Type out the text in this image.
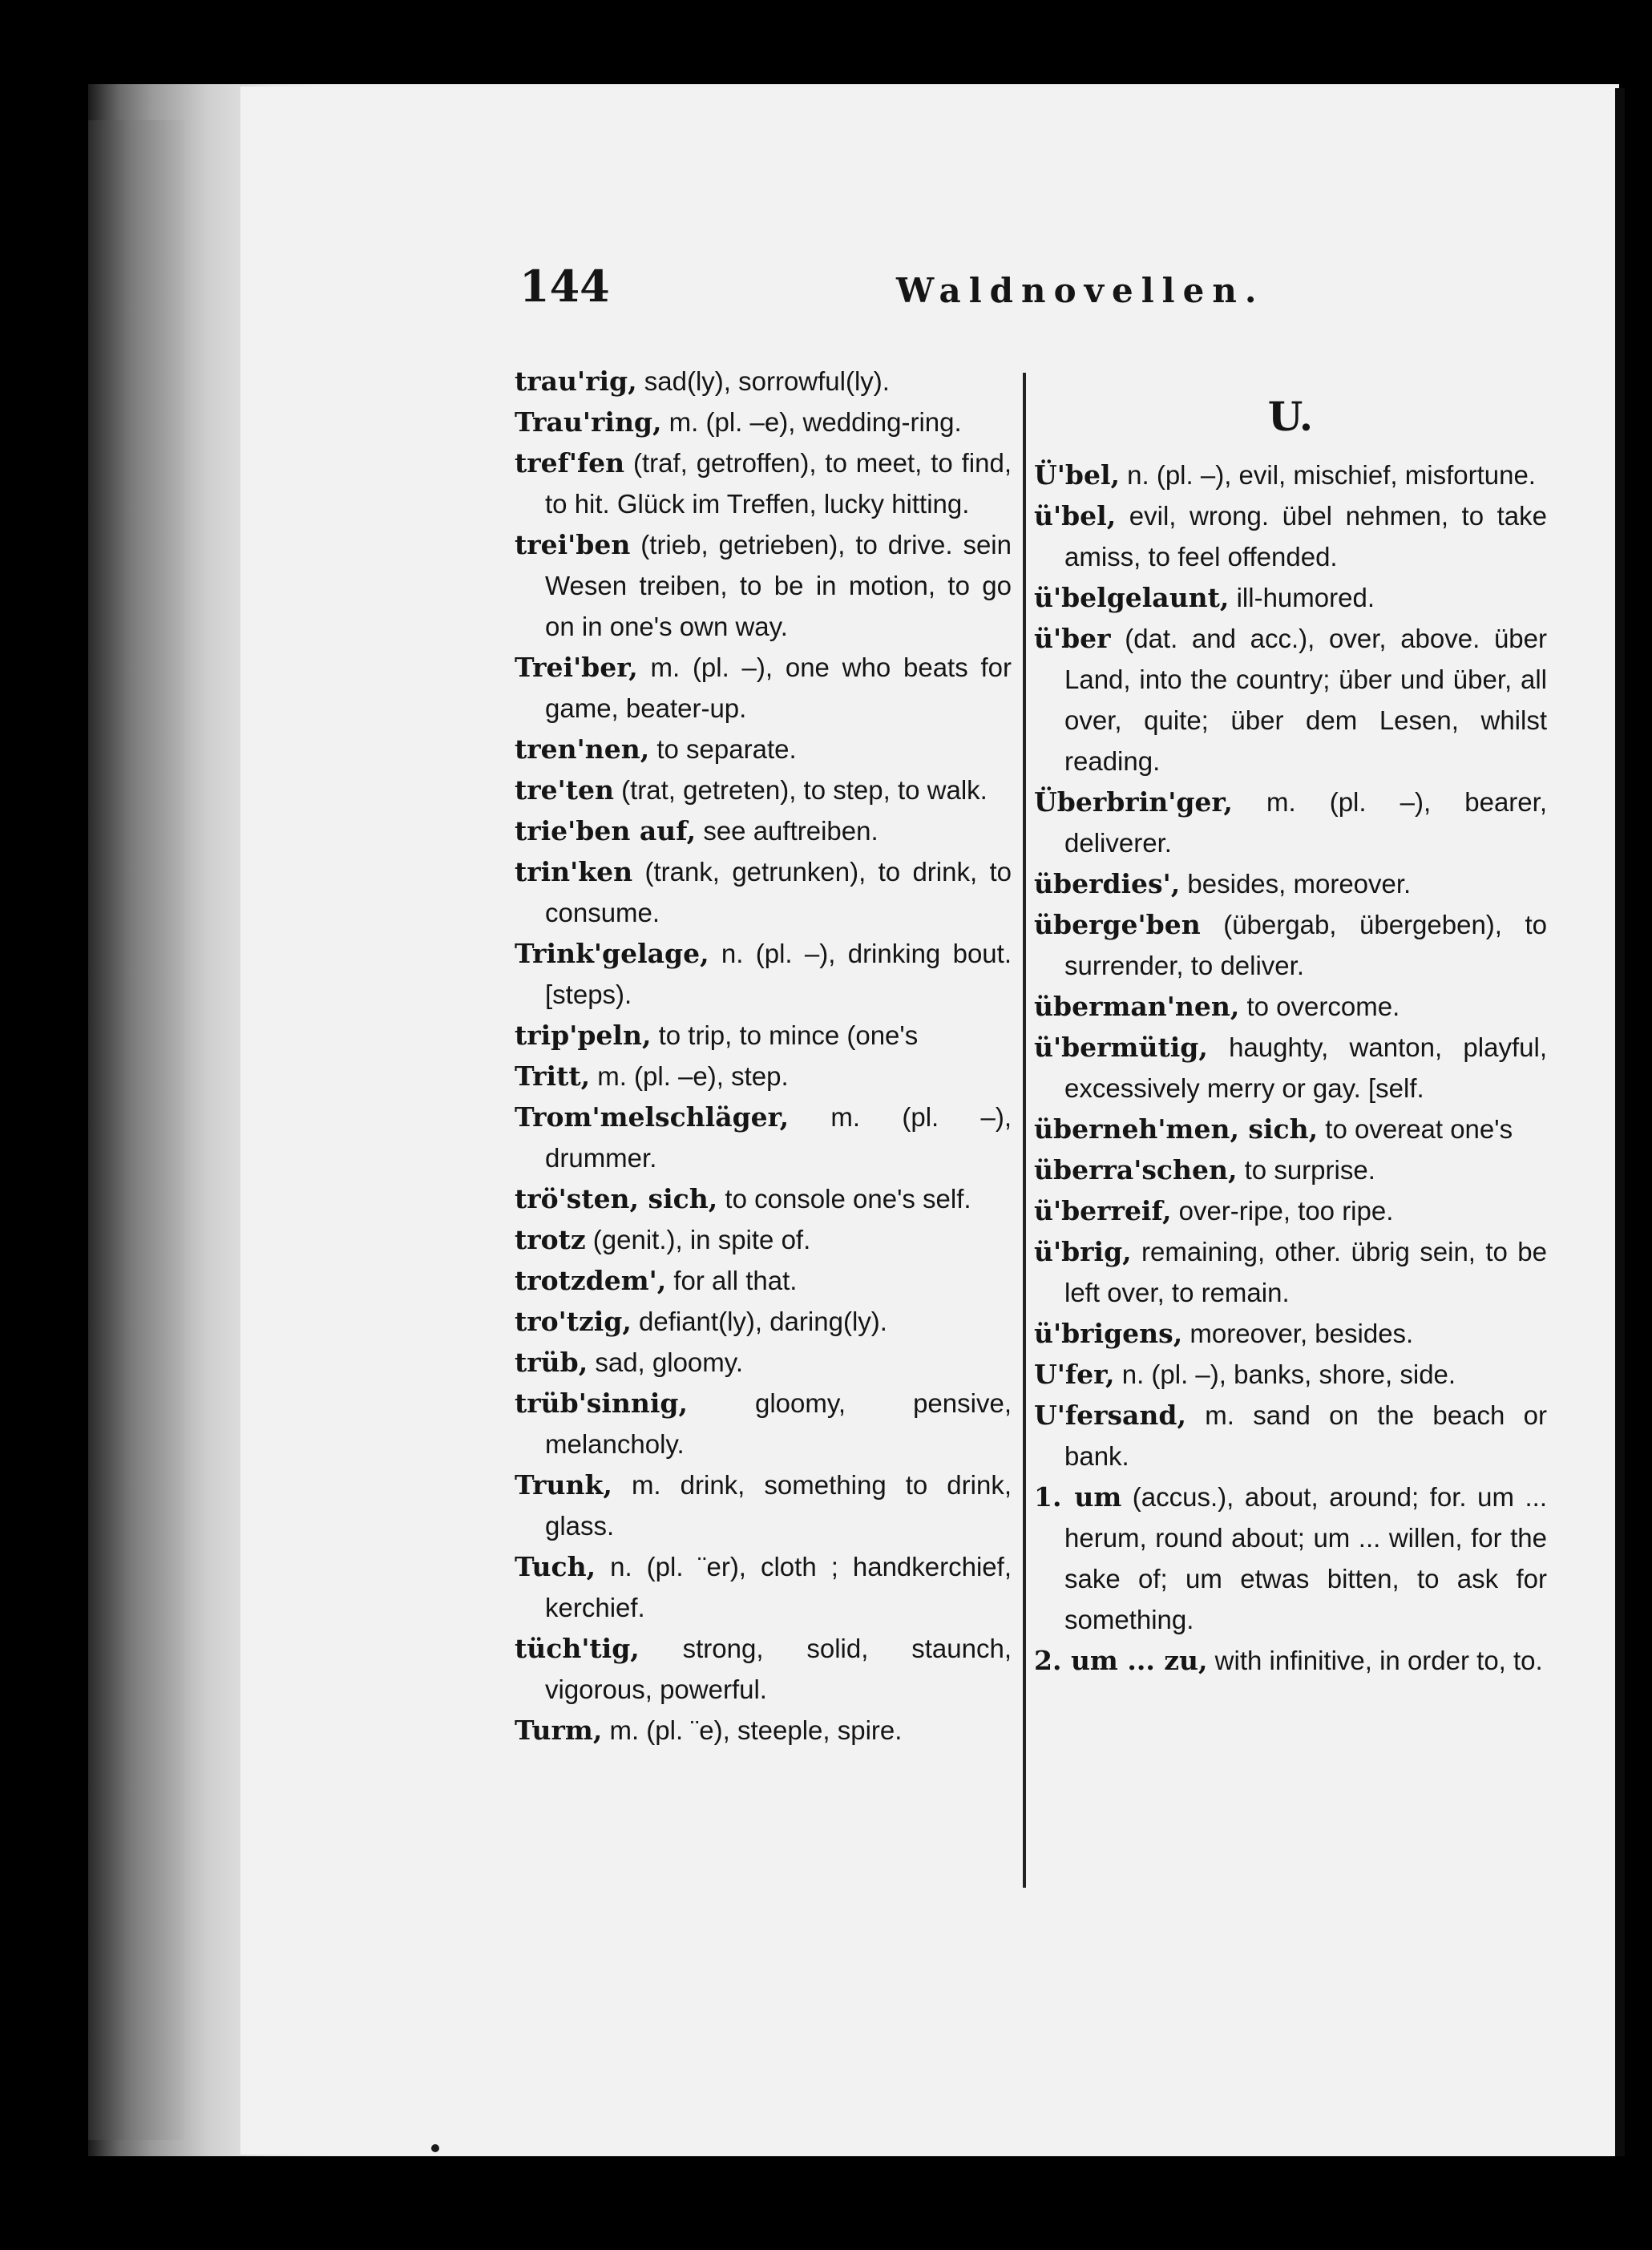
144	Waldnovellen.

trau'rig, sad(ly), sorrowful(ly).

Trau'ring, m. (pl. –e), wedding-ring.

tref'fen (traf, getroffen), to meet, to find, to hit. Glück im Treffen, lucky hitting.

trei'ben (trieb, getrieben), to drive. sein Wesen treiben, to be in motion, to go on in one's own way.

Trei'ber, m. (pl. –), one who beats for game, beater-up.

tren'nen, to separate.

tre'ten (trat, getreten), to step, to walk.

trie'ben auf, see auftreiben.

trin'ken (trank, getrunken), to drink, to consume.

Trink'gelage, n. (pl. –), drinking bout. [steps).

trip'peln, to trip, to mince (one's

Tritt, m. (pl. –e), step.

Trom'melschläger, m. (pl. –), drummer.

trö'sten, sich, to console one's self.

trotz (genit.), in spite of.

trotzdem', for all that.

tro'tzig, defiant(ly), daring(ly).

trüb, sad, gloomy.

trüb'sinnig, gloomy, pensive, melancholy.

Trunk, m. drink, something to drink, glass.

Tuch, n. (pl. ¨er), cloth ; handkerchief, kerchief.

tüch'tig, strong, solid, staunch, vigorous, powerful.

Turm, m. (pl. ¨e), steeple, spire.

U.

Ü'bel, n. (pl. –), evil, mischief, misfortune.

ü'bel, evil, wrong. übel nehmen, to take amiss, to feel offended.

ü'belgelaunt, ill-humored.

ü'ber (dat. and acc.), over, above. über Land, into the country; über und über, all over, quite; über dem Lesen, whilst reading.

Überbrin'ger, m. (pl. –), bearer, deliverer.

überdies', besides, moreover.

überge'ben (übergab, übergeben), to surrender, to deliver.

überman'nen, to overcome.

ü'bermütig, haughty, wanton, playful, excessively merry or gay. [self.

überneh'men, sich, to overeat one's

überra'schen, to surprise.

ü'berreif, over-ripe, too ripe.

ü'brig, remaining, other. übrig sein, to be left over, to remain.

ü'brigens, moreover, besides.

U'fer, n. (pl. –), banks, shore, side.

U'fersand, m. sand on the beach or bank.

1. um (accus.), about, around; for. um ... herum, round about; um ... willen, for the sake of; um etwas bitten, to ask for something.

2. um ... zu, with infinitive, in order to, to.
